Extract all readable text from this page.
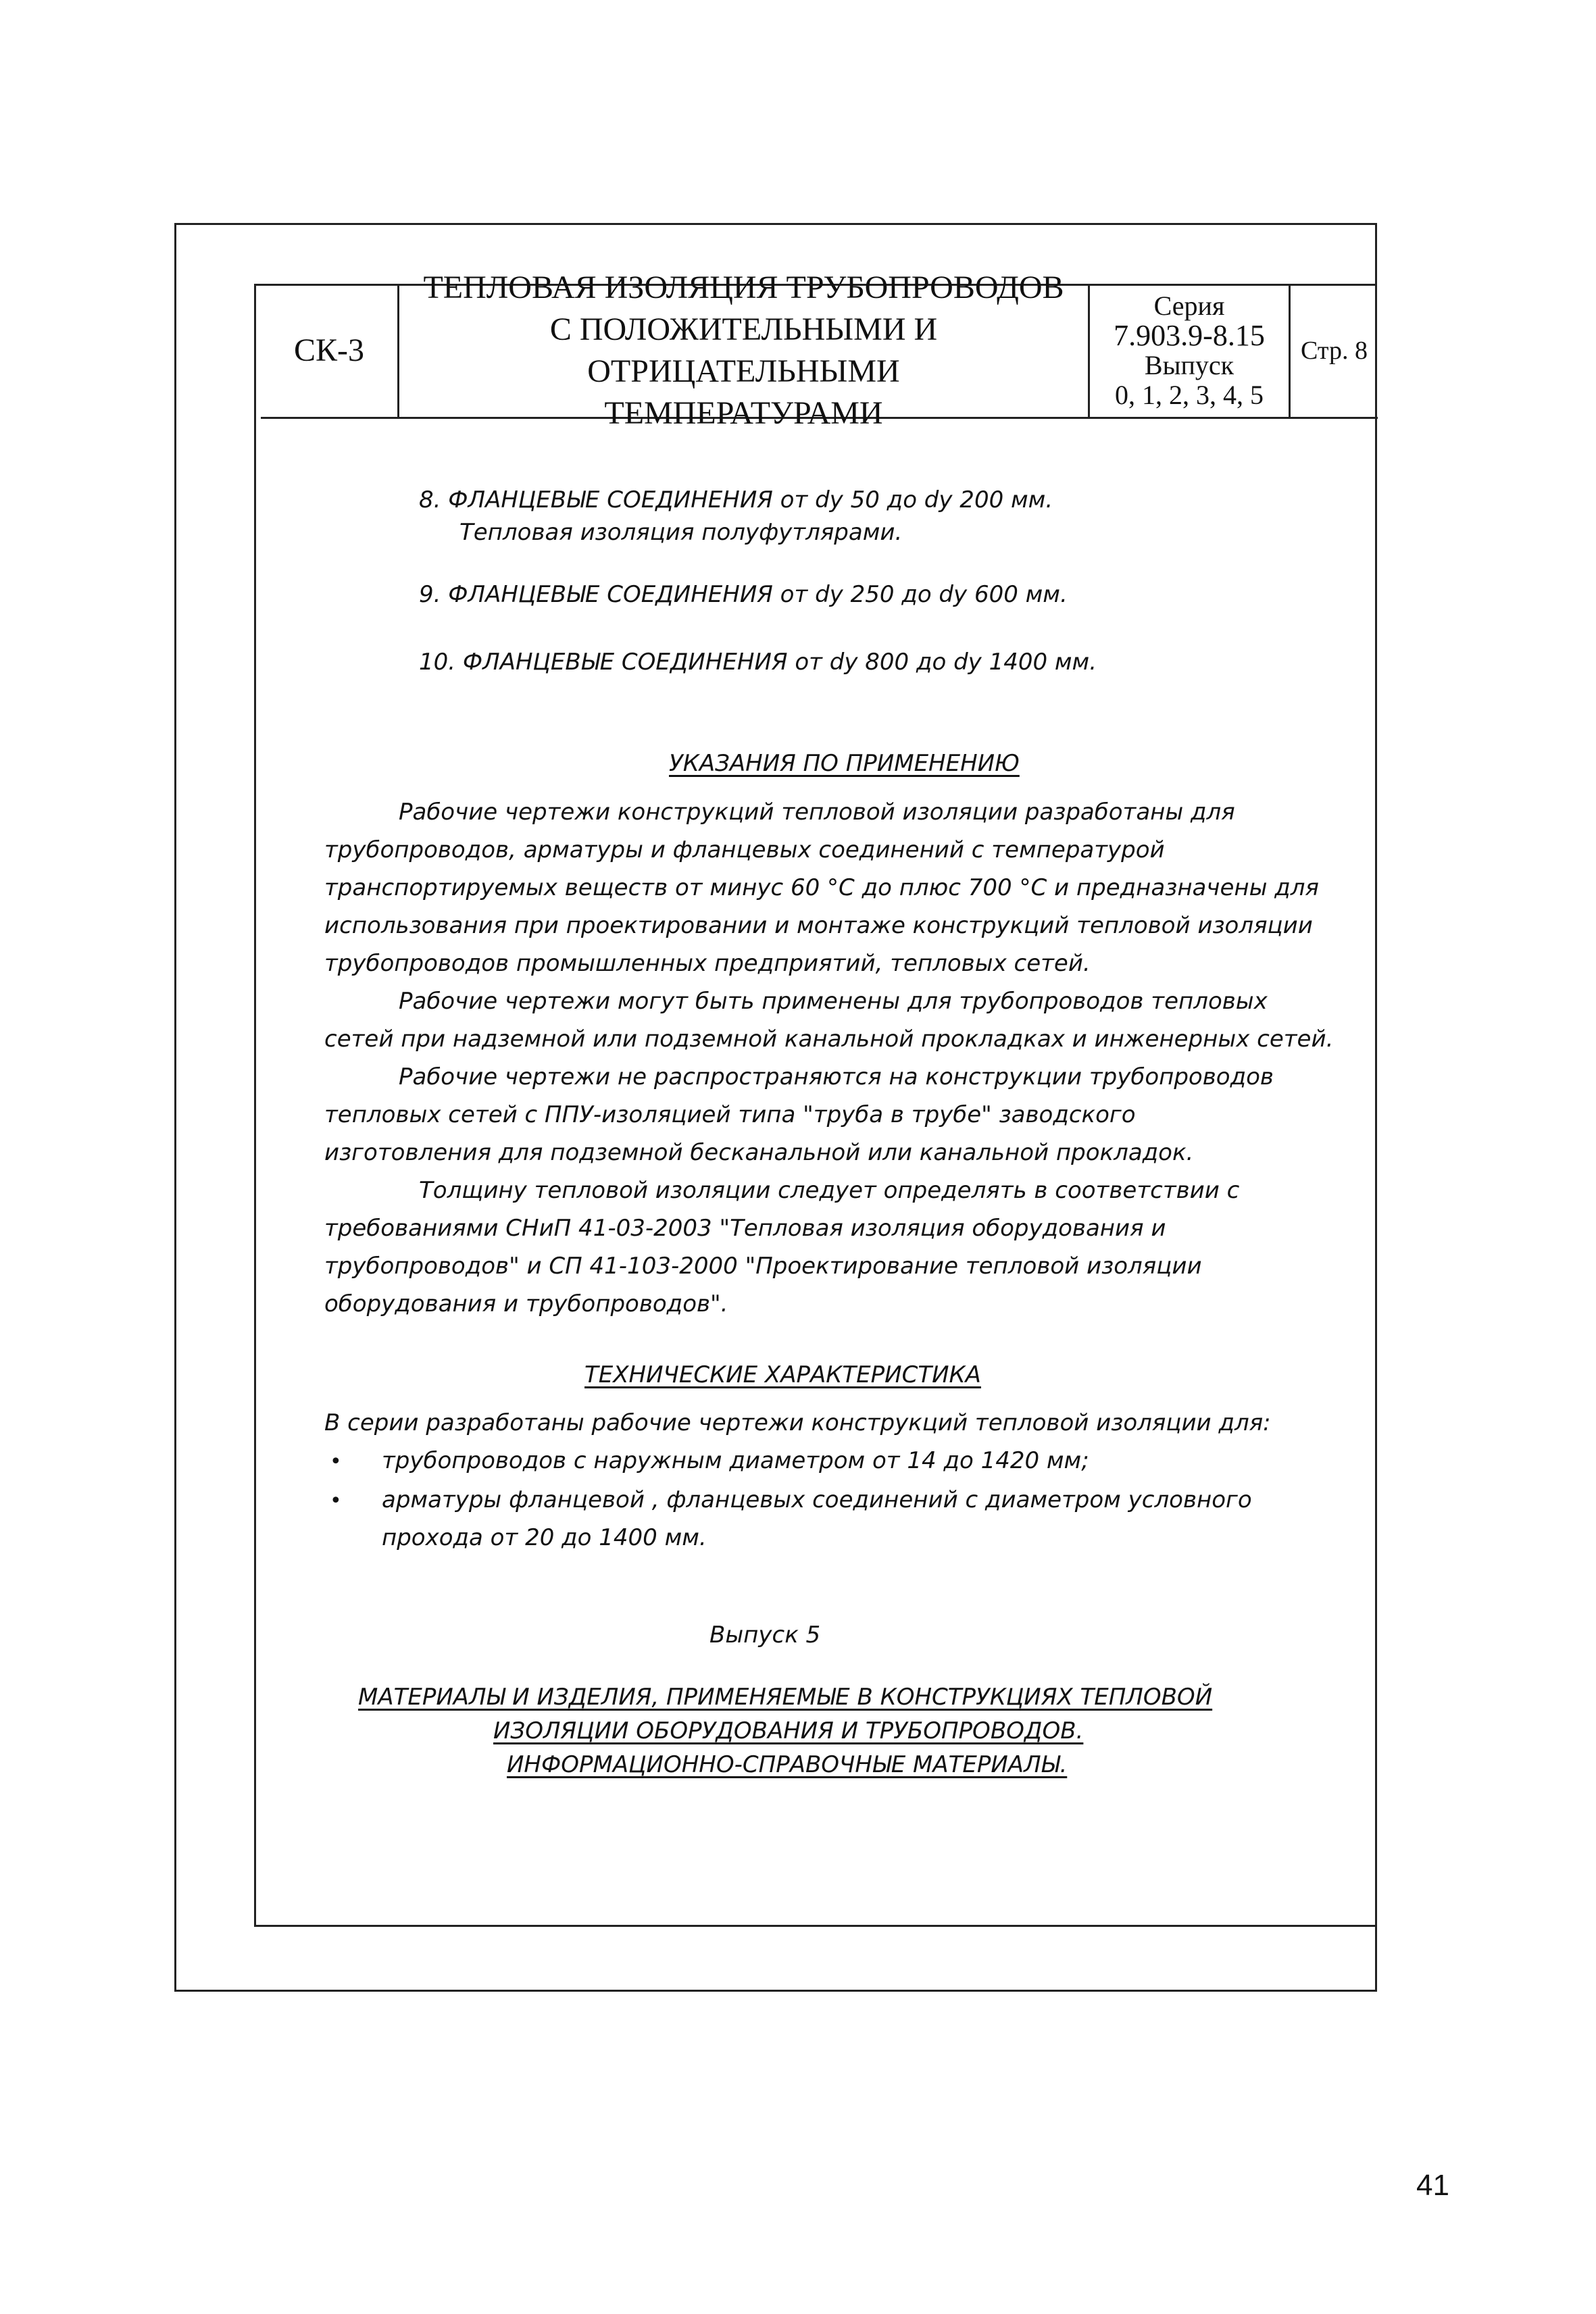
СК-3
ТЕПЛОВАЯ ИЗОЛЯЦИЯ ТРУБОПРОВОДОВ
С ПОЛОЖИТЕЛЬНЫМИ И ОТРИЦАТЕЛЬНЫМИ
ТЕМПЕРАТУРАМИ
Серия
7.903.9-8.15
Выпуск
0, 1, 2, 3, 4, 5
Стр. 8
8. ФЛАНЦЕВЫЕ СОЕДИНЕНИЯ от dy 50 до dy 200 мм.
Тепловая изоляция полуфутлярами.
9. ФЛАНЦЕВЫЕ СОЕДИНЕНИЯ от dy 250 до dy 600 мм.
10. ФЛАНЦЕВЫЕ СОЕДИНЕНИЯ от dy 800 до dy 1400 мм.
УКАЗАНИЯ ПО ПРИМЕНЕНИЮ
Рабочие чертежи конструкций тепловой изоляции разработаны для
трубопроводов, арматуры и фланцевых соединений с температурой
транспортируемых веществ от минус 60 °С до плюс 700 °С и предназначены для
использования при проектировании и монтаже конструкций тепловой изоляции
трубопроводов промышленных предприятий, тепловых сетей.
Рабочие чертежи могут быть применены для трубопроводов тепловых
сетей при надземной или подземной канальной прокладках и инженерных сетей.
Рабочие чертежи не распространяются на конструкции трубопроводов
тепловых сетей с ППУ-изоляцией типа "труба в трубе" заводского
изготовления для подземной бесканальной или канальной прокладок.
Толщину тепловой изоляции следует определять в соответствии с
требованиями СНиП 41-03-2003 "Тепловая изоляция оборудования и
трубопроводов" и СП 41-103-2000 "Проектирование тепловой изоляции
оборудования и трубопроводов".
ТЕХНИЧЕСКИЕ ХАРАКТЕРИСТИКА
В серии разработаны рабочие чертежи конструкций тепловой изоляции для:
• трубопроводов с наружным диаметром от 14 до 1420 мм;
• арматуры фланцевой , фланцевых соединений с диаметром условного
прохода от 20 до 1400 мм.
Выпуск 5
МАТЕРИАЛЫ И ИЗДЕЛИЯ, ПРИМЕНЯЕМЫЕ В КОНСТРУКЦИЯХ ТЕПЛОВОЙ
ИЗОЛЯЦИИ ОБОРУДОВАНИЯ И ТРУБОПРОВОДОВ.
ИНФОРМАЦИОННО-СПРАВОЧНЫЕ МАТЕРИАЛЫ.
41
